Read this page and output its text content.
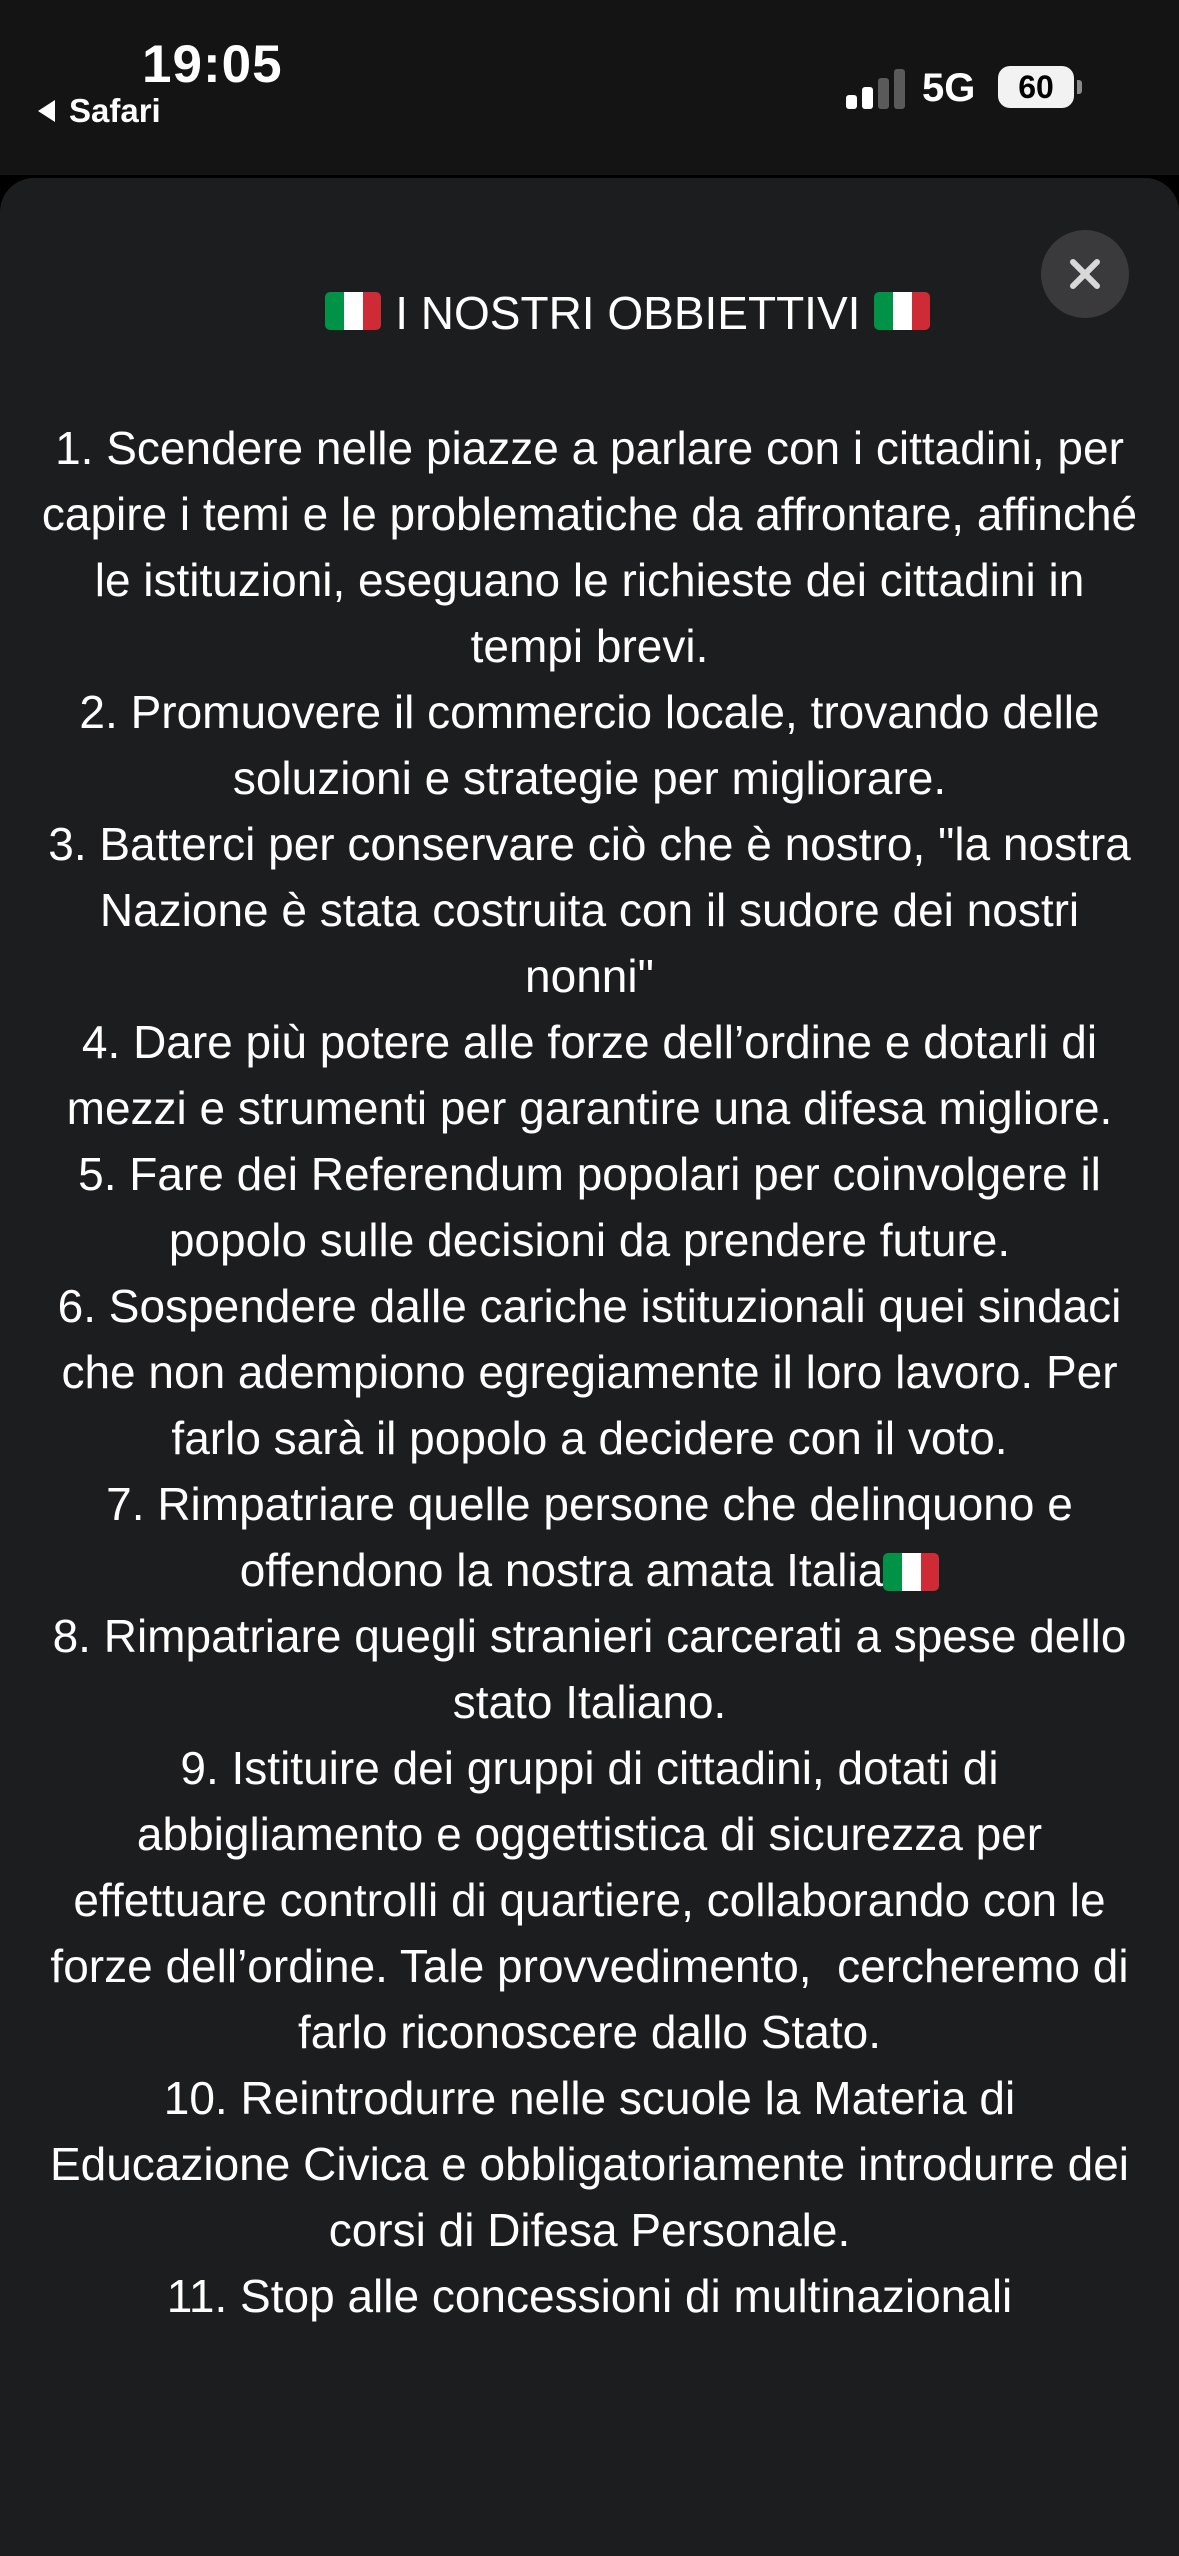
19:05
Safari
5G 60

I NOSTRI OBBIETTIVI

1. Scendere nelle piazze a parlare con i cittadini, per capire i temi e le problematiche da affrontare, affinché le istituzioni, eseguano le richieste dei cittadini in tempi brevi.

2. Promuovere il commercio locale, trovando delle soluzioni e strategie per migliorare.

3. Batterci per conservare ciò che è nostro, "la nostra Nazione è stata costruita con il sudore dei nostri nonni"

4. Dare più potere alle forze dell’ordine e dotarli di mezzi e strumenti per garantire una difesa migliore.

5. Fare dei Referendum popolari per coinvolgere il popolo sulle decisioni da prendere future.

6. Sospendere dalle cariche istituzionali quei sindaci che non adempiono egregiamente il loro lavoro. Per farlo sarà il popolo a decidere con il voto.

7. Rimpatriare quelle persone che delinquono e offendono la nostra amata Italia

8. Rimpatriare quegli stranieri carcerati a spese dello stato Italiano.

9. Istituire dei gruppi di cittadini, dotati di abbigliamento e oggettistica di sicurezza per effettuare controlli di quartiere, collaborando con le forze dell’ordine. Tale provvedimento,  cercheremo di farlo riconoscere dallo Stato.

10. Reintrodurre nelle scuole la Materia di Educazione Civica e obbligatoriamente introdurre dei corsi di Difesa Personale.

11. Stop alle concessioni di multinazionali
